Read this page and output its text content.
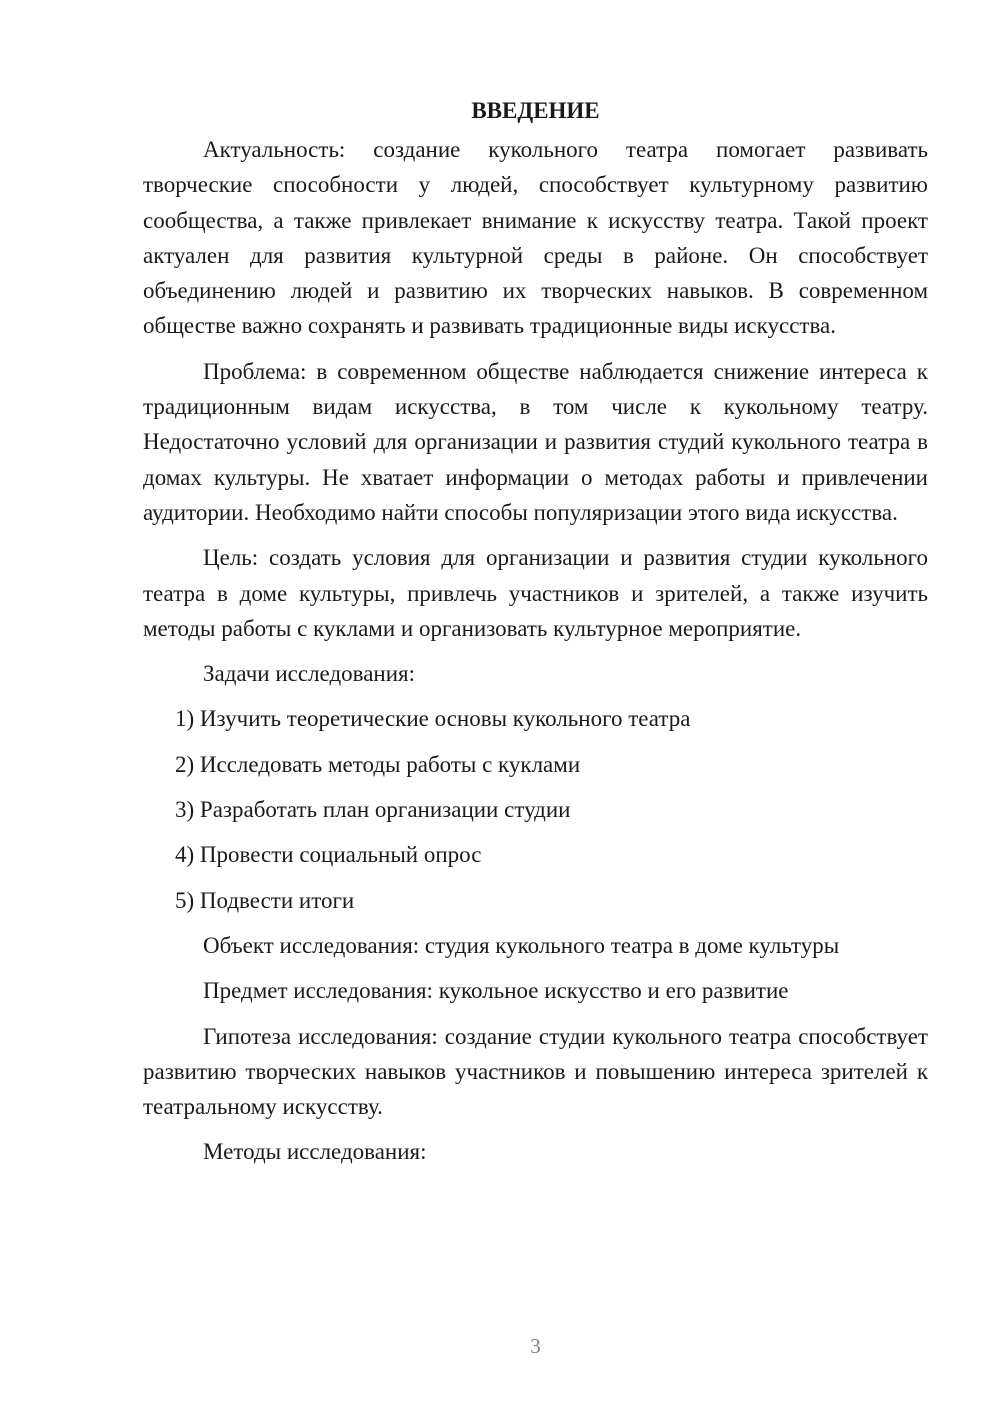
ВВЕДЕНИЕ

Актуальность: создание кукольного театра помогает развивать творческие способности у людей, способствует культурному развитию сообщества, а также привлекает внимание к искусству театра. Такой проект актуален для развития культурной среды в районе. Он способствует объединению людей и развитию их творческих навыков. В современном обществе важно сохранять и развивать традиционные виды искусства.

Проблема: в современном обществе наблюдается снижение интереса к традиционным видам искусства, в том числе к кукольному театру. Недостаточно условий для организации и развития студий кукольного театра в домах культуры. Не хватает информации о методах работы и привлечении аудитории. Необходимо найти способы популяризации этого вида искусства.

Цель: создать условия для организации и развития студии кукольного театра в доме культуры, привлечь участников и зрителей, а также изучить методы работы с куклами и организовать культурное мероприятие.

Задачи исследования:

1) Изучить теоретические основы кукольного театра
2) Исследовать методы работы с куклами
3) Разработать план организации студии
4) Провести социальный опрос
5) Подвести итоги

Объект исследования: студия кукольного театра в доме культуры

Предмет исследования: кукольное искусство и его развитие

Гипотеза исследования: создание студии кукольного театра способствует развитию творческих навыков участников и повышению интереса зрителей к театральному искусству.

Методы исследования:

3
